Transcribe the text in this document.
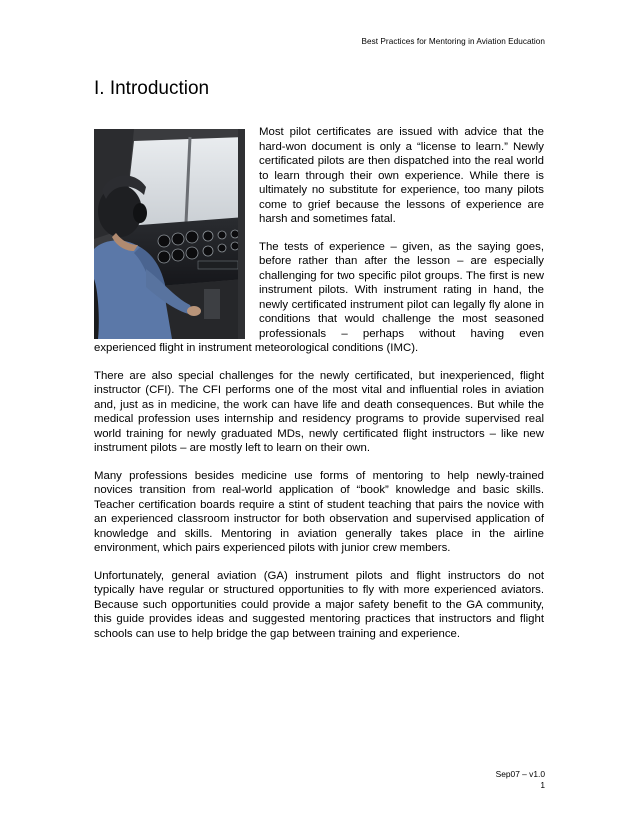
Best Practices for Mentoring in Aviation Education
I. Introduction

Most pilot certificates are issued with advice that the hard-won document is only a “license to learn.” Newly certificated pilots are then dispatched into the real world to learn through their own experience. While there is ultimately no substitute for experience, too many pilots come to grief because the lessons of experience are harsh and sometimes fatal.

The tests of experience – given, as the saying goes, before rather than after the lesson – are especially challenging for two specific pilot groups. The first is new instrument pilots. With instrument rating in hand, the newly certificated instrument pilot can legally fly alone in conditions that would challenge the most seasoned professionals – perhaps without having even experienced flight in instrument meteorological conditions (IMC).

There are also special challenges for the newly certificated, but inexperienced, flight instructor (CFI). The CFI performs one of the most vital and influential roles in aviation and, just as in medicine, the work can have life and death consequences. But while the medical profession uses internship and residency programs to provide supervised real world training for newly graduated MDs, newly certificated flight instructors – like new instrument pilots – are mostly left to learn on their own.

Many professions besides medicine use forms of mentoring to help newly-trained novices transition from real-world application of “book” knowledge and basic skills. Teacher certification boards require a stint of student teaching that pairs the novice with an experienced classroom instructor for both observation and supervised application of knowledge and skills. Mentoring in aviation generally takes place in the airline environment, which pairs experienced pilots with junior crew members.

Unfortunately, general aviation (GA) instrument pilots and flight instructors do not typically have regular or structured opportunities to fly with more experienced aviators. Because such opportunities could provide a major safety benefit to the GA community, this guide provides ideas and suggested mentoring practices that instructors and flight schools can use to help bridge the gap between training and experience.

Sep07 – v1.0
1
